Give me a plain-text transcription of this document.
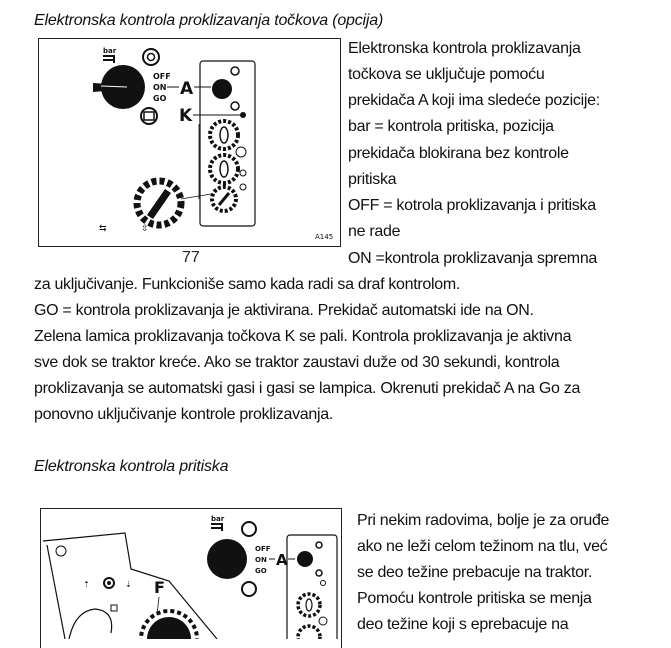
Elektronska kontrola proklizavanja točkova (opcija)
bar
OFF
ON
GO A
K
⇆	⇳
A145
77
Elektronska kontrola proklizavanja
točkova se uključuje pomoću
prekidača A koji ima sledeće pozicije:
bar = kontrola pritiska, pozicija
prekidača blokirana bez kontrole
pritiska
OFF = kotrola proklizavanja i pritiska
ne rade
ON =kontrola proklizavanja spremna
za uključivanje. Funkcioniše samo kada radi sa draf kontrolom.
GO = kontrola proklizavanja je aktivirana. Prekidač automatski ide na ON.
Zelena lamica proklizavanja točkova K se pali. Kontrola proklizavanja je aktivna
sve dok se traktor kreće. Ako se traktor zaustavi duže od 30 sekundi, kontrola
proklizavanja se automatski gasi i gasi se lampica. Okrenuti prekidač A na Go za
ponovno uključivanje kontrole proklizavanja.
Elektronska kontrola pritiska
⇡	⇣ F
bar
OFF
ON
GO
A
Pri nekim radovima, bolje je za oruđe
ako ne leži celom težinom na tlu, već
se deo težine prebacuje na traktor.
Pomoću kontrole pritiska se menja
deo težine koji s eprebacuje na
